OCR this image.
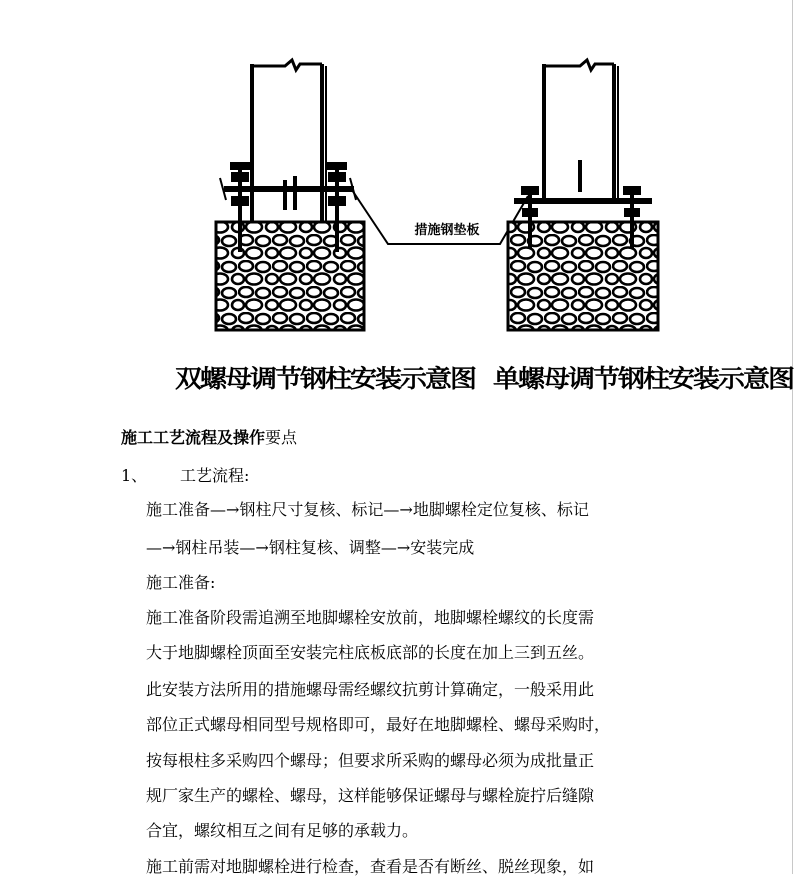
措施钢垫板
双螺母调节钢柱安装示意图 单螺母调节钢柱安装示意图
施工工艺流程及操作要点
1、 工艺流程:
施工准备—→钢柱尺寸复核、标记—→地脚螺栓定位复核、标记
—→钢柱吊装—→钢柱复核、调整—→安装完成
施工准备:
施工准备阶段需追溯至地脚螺栓安放前，地脚螺栓螺纹的长度需
大于地脚螺栓顶面至安装完柱底板底部的长度在加上三到五丝。
此安装方法所用的措施螺母需经螺纹抗剪计算确定，一般采用此
部位正式螺母相同型号规格即可，最好在地脚螺栓、螺母采购时，
按每根柱多采购四个螺母；但要求所采购的螺母必须为成批量正
规厂家生产的螺栓、螺母，这样能够保证螺母与螺栓旋拧后缝隙
合宜，螺纹相互之间有足够的承载力。
施工前需对地脚螺栓进行检查，查看是否有断丝、脱丝现象，如
